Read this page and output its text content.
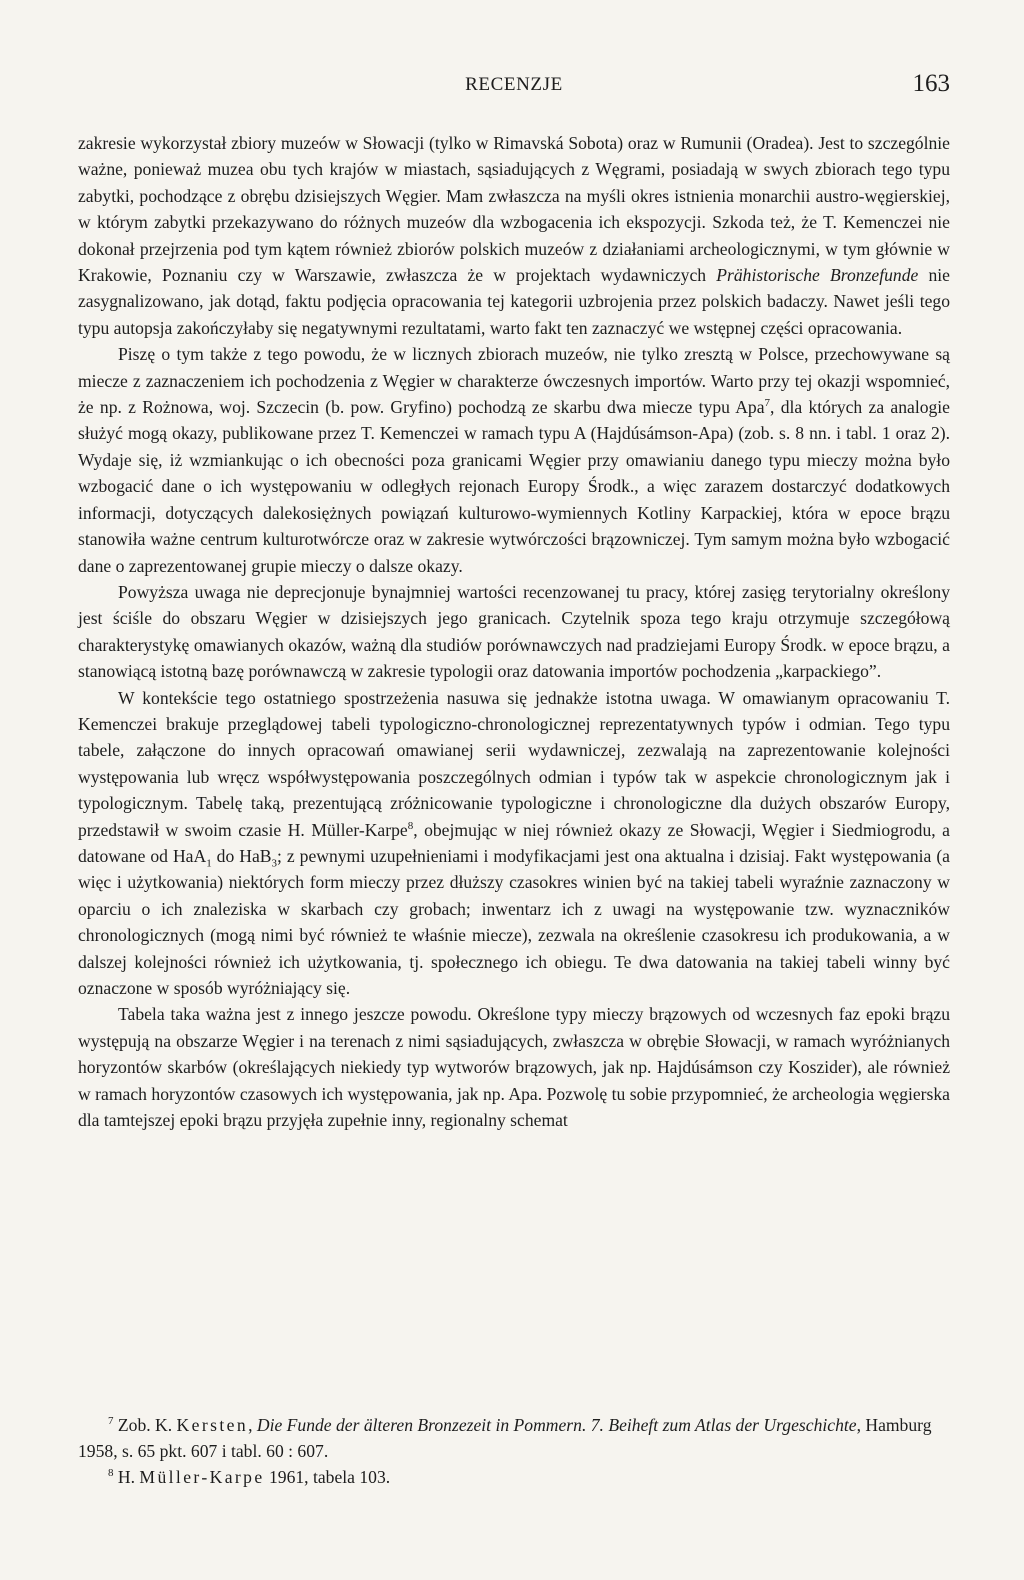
RECENZJE	163

zakresie wykorzystał zbiory muzeów w Słowacji (tylko w Rimavská Sobota) oraz w Rumunii (Oradea). Jest to szczególnie ważne, ponieważ muzea obu tych krajów w miastach, sąsiadujących z Węgrami, posiadają w swych zbiorach tego typu zabytki, pochodzące z obrębu dzisiejszych Węgier. Mam zwłaszcza na myśli okres istnienia monarchii austro-węgierskiej, w którym zabytki przekazywano do różnych muzeów dla wzbogacenia ich ekspozycji. Szkoda też, że T. Kemenczei nie dokonał przejrzenia pod tym kątem również zbiorów polskich muzeów z działaniami archeologicznymi, w tym głównie w Krakowie, Poznaniu czy w Warszawie, zwłaszcza że w projektach wydawniczych Prähistorische Bronzefunde nie zasygnalizowano, jak dotąd, faktu podjęcia opracowania tej kategorii uzbrojenia przez polskich badaczy. Nawet jeśli tego typu autopsja zakończyłaby się negatywnymi rezultatami, warto fakt ten zaznaczyć we wstępnej części opracowania.

Piszę o tym także z tego powodu, że w licznych zbiorach muzeów, nie tylko zresztą w Polsce, przechowywane są miecze z zaznaczeniem ich pochodzenia z Węgier w charakterze ówczesnych importów. Warto przy tej okazji wspomnieć, że np. z Rożnowa, woj. Szczecin (b. pow. Gryfino) pochodzą ze skarbu dwa miecze typu Apa$^7$, dla których za analogie służyć mogą okazy, publikowane przez T. Kemenczei w ramach typu A (Hajdúsámson-Apa) (zob. s. 8 nn. i tabl. 1 oraz 2). Wydaje się, iż wzmiankując o ich obecności poza granicami Węgier przy omawianiu danego typu mieczy można było wzbogacić dane o ich występowaniu w odległych rejonach Europy Środk., a więc zarazem dostarczyć dodatkowych informacji, dotyczących dalekosiężnych powiązań kulturowo-wymiennych Kotliny Karpackiej, która w epoce brązu stanowiła ważne centrum kulturotwórcze oraz w zakresie wytwórczości brązowniczej. Tym samym można było wzbogacić dane o zaprezentowanej grupie mieczy o dalsze okazy.

Powyższa uwaga nie deprecjonuje bynajmniej wartości recenzowanej tu pracy, której zasięg terytorialny określony jest ściśle do obszaru Węgier w dzisiejszych jego granicach. Czytelnik spoza tego kraju otrzymuje szczegółową charakterystykę omawianych okazów, ważną dla studiów porównawczych nad pradziejami Europy Środk. w epoce brązu, a stanowiącą istotną bazę porównawczą w zakresie typologii oraz datowania importów pochodzenia „karpackiego”.

W kontekście tego ostatniego spostrzeżenia nasuwa się jednakże istotna uwaga. W omawianym opracowaniu T. Kemenczei brakuje przeglądowej tabeli typologiczno-chronologicznej reprezentatywnych typów i odmian. Tego typu tabele, załączone do innych opracowań omawianej serii wydawniczej, zezwalają na zaprezentowanie kolejności występowania lub wręcz współwystępowania poszczególnych odmian i typów tak w aspekcie chronologicznym jak i typologicznym. Tabelę taką, prezentującą zróżnicowanie typologiczne i chronologiczne dla dużych obszarów Europy, przedstawił w swoim czasie H. Müller-Karpe$^8$, obejmując w niej również okazy ze Słowacji, Węgier i Siedmiogrodu, a datowane od HaA$_1$ do HaB$_3$; z pewnymi uzupełnieniami i modyfikacjami jest ona aktualna i dzisiaj. Fakt występowania (a więc i użytkowania) niektórych form mieczy przez dłuższy czasokres winien być na takiej tabeli wyraźnie zaznaczony w oparciu o ich znaleziska w skarbach czy grobach; inwentarz ich z uwagi na występowanie tzw. wyznaczników chronologicznych (mogą nimi być również te właśnie miecze), zezwala na określenie czasokresu ich produkowania, a w dalszej kolejności również ich użytkowania, tj. społecznego ich obiegu. Te dwa datowania na takiej tabeli winny być oznaczone w sposób wyróżniający się.

Tabela taka ważna jest z innego jeszcze powodu. Określone typy mieczy brązowych od wczesnych faz epoki brązu występują na obszarze Węgier i na terenach z nimi sąsiadujących, zwłaszcza w obrębie Słowacji, w ramach wyróżnianych horyzontów skarbów (określających niekiedy typ wytworów brązowych, jak np. Hajdúsámson czy Koszider), ale również w ramach horyzontów czasowych ich występowania, jak np. Apa. Pozwolę tu sobie przypomnieć, że archeologia węgierska dla tamtejszej epoki brązu przyjęła zupełnie inny, regionalny schemat

$^7$ Zob. K. Kersten, Die Funde der älteren Bronzezeit in Pommern. 7. Beiheft zum Atlas der Urgeschichte, Hamburg 1958, s. 65 pkt. 607 i tabl. 60 : 607.

$^8$ H. Müller-Karpe 1961, tabela 103.
